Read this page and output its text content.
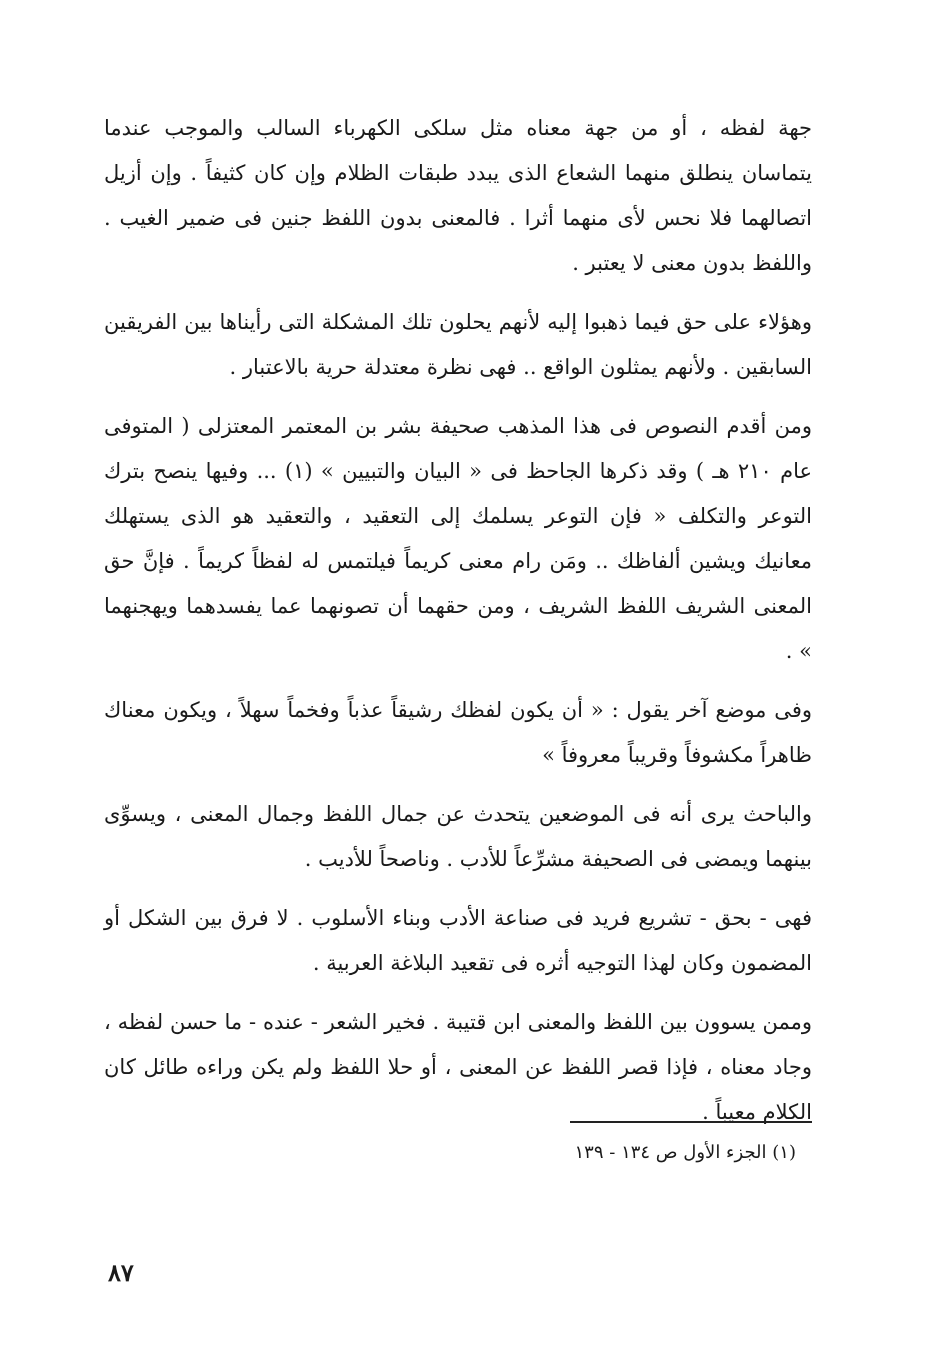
جهة لفظه ، أو من جهة معناه مثل سلكى الكهرباء السالب والموجب عندما يتماسان ينطلق منهما الشعاع الذى يبدد طبقات الظلام وإن كان كثيفاً . وإن أزيل اتصالهما فلا نحس لأى منهما أثرا . فالمعنى بدون اللفظ جنين فى ضمير الغيب . واللفظ بدون معنى لا يعتبر .

وهؤلاء على حق فيما ذهبوا إليه لأنهم يحلون تلك المشكلة التى رأيناها بين الفريقين السابقين . ولأنهم يمثلون الواقع .. فهى نظرة معتدلة حرية بالاعتبار .

ومن أقدم النصوص فى هذا المذهب صحيفة بشر بن المعتمر المعتزلى ( المتوفى عام ٢١٠ هـ ) وقد ذكرها الجاحظ فى « البيان والتبيين » (١) ... وفيها ينصح بترك التوعر والتكلف « فإن التوعر يسلمك إلى التعقيد ، والتعقيد هو الذى يستهلك معانيك ويشين ألفاظك .. ومَن رام معنى كريماً فيلتمس له لفظاً كريماً . فإنَّ حق المعنى الشريف اللفظ الشريف ، ومن حقهما أن تصونهما عما يفسدهما ويهجنهما » .

وفى موضع آخر يقول : « أن يكون لفظك رشيقاً عذباً وفخماً سهلاً ، ويكون معناك ظاهراً مكشوفاً وقريباً معروفاً »

والباحث يرى أنه فى الموضعين يتحدث عن جمال اللفظ وجمال المعنى ، ويسوِّى بينهما ويمضى فى الصحيفة مشرِّعاً للأدب . وناصحاً للأديب .

فهى - بحق - تشريع فريد فى صناعة الأدب وبناء الأسلوب . لا فرق بين الشكل أو المضمون وكان لهذا التوجيه أثره فى تقعيد البلاغة العربية .

وممن يسوون بين اللفظ والمعنى ابن قتيبة . فخير الشعر - عنده - ما حسن لفظه ، وجاد معناه ، فإذا قصر اللفظ عن المعنى ، أو حلا اللفظ ولم يكن وراءه طائل كان الكلام معيباً .

(١) الجزء الأول ص ١٣٤ - ١٣٩
٨٧
